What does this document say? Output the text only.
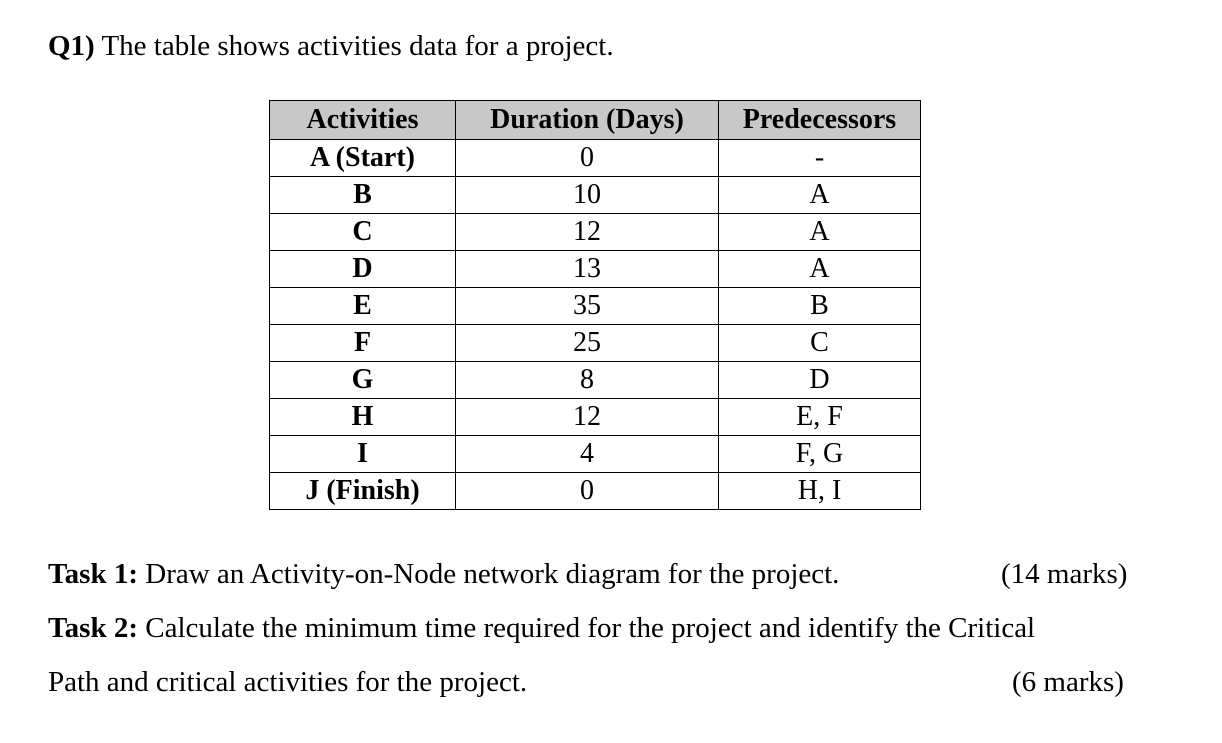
Q1) The table shows activities data for a project.
Activities	Duration (Days)	Predecessors
A (Start)	0	-
B	10	A
C	12	A
D	13	A
E	35	B
F	25	C
G	8	D
H	12	E, F
I	4	F, G
J (Finish)	0	H, I
Task 1: Draw an Activity-on-Node network diagram for the project.	(14 marks)
Task 2: Calculate the minimum time required for the project and identify the Critical
Path and critical activities for the project.	(6 marks)
